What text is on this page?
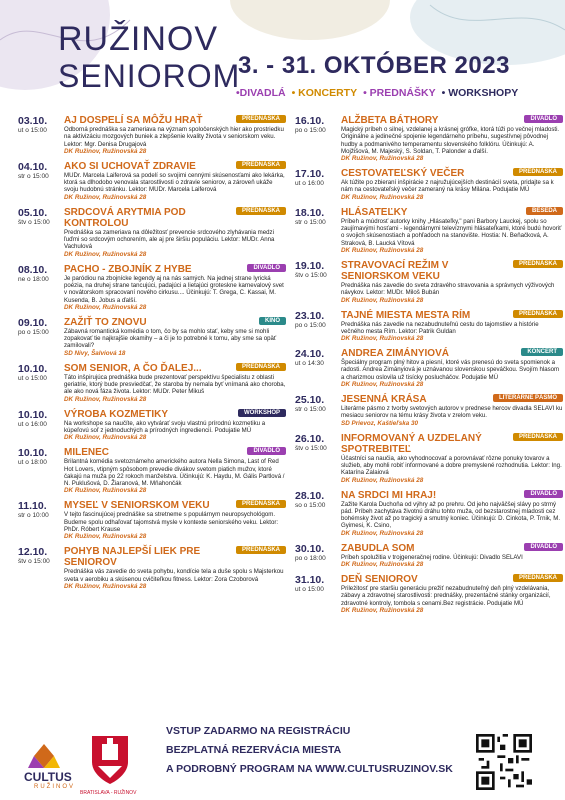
RUŽINOV
SENIOROM
3. - 31. OKTÓBER 2023
•DIVADLÁ • KONCERTY • PREDNÁŠKY • WORKSHOPY
03.10.
ut o 15:00
AJ DOSPELÍ SA MÔŽU HRAŤ	PREDNÁŠKA
Odborná prednáška sa zameriava na význam spoločenských hier ako prostriedku na aktivizáciu mozgových buniek a zlepšenie kvality života v seniorskom veku. Lektor: Mgr. Denisa Drugajová
DK Ružinov, Ružinovská 28
04.10.
str o 15:00
AKO SI UCHOVAŤ ZDRAVIE	PREDNÁŠKA
MUDr. Marcela Laiferová sa podelí so svojimi cennými skúsenosťami ako lekárka, ktorá sa dlhodobo venovala starostlivosti o zdravie seniorov, a zároveň ukáže svoju hudobnú stránku. Lektor: MUDr. Marcela Laiferová
DK Ružinov, Ružinovská 28
05.10.
štv o 15:00
SRDCOVÁ ARYTMIA POD KONTROLOU
PREDNÁŠKA
Prednáška sa zameriava na dôležitosť prevencie srdcového zlyhávania medzi ľuďmi so srdcovým ochorením, ale aj pre širšiu populáciu. Lektor: MUDr. Anna Vachulová
DK Ružinov, Ružinovská 28
08.10.
ne o 18:00
PACHO - ZBOJNÍK Z HYBE	DIVADLO
Je paródiou na zbojnícke legendy aj na nás samých. Na jednej strane lyrická poézia, na druhej strane tancujúci, padajúci a lietajúci groteskne karnevalový svet v novátorskom spracovaní nového cirkusu.... Účinkujú: T. Grega, C. Kassai, M. Kusenda, B. Jobus a ďalší.
DK Ružinov, Ružinovská 28
09.10.
po o 15:00
ZAŽIŤ TO ZNOVU	KINO
Zábavná romantická komédia o tom, čo by sa mohlo stať, keby sme si mohli zopakovať tie najkrajšie okamihy – a či je to potrebné k tomu, aby sme sa opäť zamilovali?
SD Nivy, Šalviová 18
10.10.
ut o 15:00
SOM SENIOR, A ČO ĎALEJ...	PREDNÁŠKA
Táto inšpirujúca prednáška bude prezentovať perspektívu špecialistu z oblasti geriatrie, ktorý bude presviedčať, že staroba by nemala byť vnímaná ako choroba, ale ako nová fáza života. Lektor: MUDr. Peter Mikuš
DK Ružinov, Ružinovská 28
10.10.
ut o 16:00
VÝROBA KOZMETIKY	WORKSHOP
Na workshope sa naučíte, ako vytvárať svoju vlastnú prírodnú kozmetiku a kúpeľovú soľ z jednoduchých a prírodných ingrediencií. Podujatie MÚ
DK Ružinov, Ružinovská 28
10.10.
ut o 18:00
MILENEC	DIVADLO
Brilantná komédia svetoznámeho amerického autora Nella Simona, Last of Red Hot Lovers, vtipným spôsobom prevedie divákov svetom piatich mužov, ktoré čakajú na muža po 22 rokoch manželstva. Účinkujú: K. Haydu, M. Gális Partlová / N. Puklušová, D. Žiaranová, M. Mňahončák
DK Ružinov, Ružinovská 28
11.10.
str o 10:00
MYSEĽ V SENIORSKOM VEKU	PREDNÁŠKA
V tejto fascinujúcej prednáške sa stretneme s populárnym neuropsychológom. Budeme spolu odhaľovať tajomstvá mysle v kontexte seniorského veku. Lektor: PhDr. Róbert Krause
DK Ružinov, Ružinovská 28
12.10.
štv o 15:00
POHYB NAJLEPŠÍ LIEK PRE SENIOROV
PREDNÁŠKA
Prednáška vás zavedie do sveta pohybu, kondície tela a duše spolu s Majsterkou sveta v aerobiku a skúsenou cvičiteľkou fitness. Lektor: Zora Czoborová
DK Ružinov, Ružinovská 28
16.10.
po o 15:00
ALŽBETA BÁTHORY	DIVADLO
Magický príbeh o silnej, vzdelanej a krásnej grófke, ktorá túži po večnej mladosti. Originálne a jedinečné spojenie legendárneho príbehu, sugestívnej pôvodnej hudby a podmanivého temperamentu slovenského folklóru. Účinkujú: A. Mojžišová, M. Majeský, S. Soldan, T. Palonder a ďalší.
DK Ružinov, Ružinovská 28
17.10.
ut o 16:00
CESTOVATEĽSKÝ VEČER	PREDNÁŠKA
Ak túžite po zbieraní inšpirácie z najružujúcejších destinácií sveta, pridajte sa k nám na cestovateľský večer zameraný na krásy Milána. Podujatie MÚ
DK Ružinov, Ružinovská 28
18.10.
str o 15:00
HLÁSATEĽKY	BESEDA
Príbeh a múdrosť autorky knihy „Hlásateľky," pani Barbory Lauckej, spolu so zaujímavými hosťami - legendárnymi televíznymi hlásateľkami, ktoré budú hovoriť o svojich skúsenostiach a pohľadoch na stanovište. Hostia: N. Beňačková, A. Straková, B. Laucká Vítová
DK Ružinov, Ružinovská 28
19.10.
štv o 15:00
STRAVOVACÍ REŽIM V SENIORSKOM VEKU
PREDNÁŠKA
Prednáška nás zavedie do sveta zdravého stravovania a správnych výživových návykov. Lektor: MUDr. Miloš Bubán
DK Ružinov, Ružinovská 28
23.10.
po o 15:00
TAJNÉ MIESTA MESTA RÍM	PREDNÁŠKA
Prednáška nás zavedie na nezabudnuteľnú cestu do tajomstiev a histórie večného mesta Rím. Lektor: Patrik Guldan
DK Ružinov, Ružinovská 28
24.10.
ut o 14:30
ANDREA ZIMÁNYIOVÁ	KONCERT
Špeciálny program plný hitov a piesní, ktoré vás prenesú do sveta spomienok a radosti. Andrea Zimányiová je uznávanou slovenskou speváčkou. Svojím hlasom a charizmou oslovila už tisícky poslucháčov. Podujatie MÚ
DK Ružinov, Ružinovská 28
25.10.
str o 15:00
JESENNÁ KRÁSA	LITERÁRNE PÁSMO
Literárne pásmo z tvorby svetových autorov v prednese hercov divadla SELAVI ku mesiacu seniorov na tému krásy života v zrelom veku.
SD Prievoz, Kaštieľska 30
26.10.
štv o 15:00
INFORMOVANÝ A UZDELANÝ SPOTREBITEĽ
PREDNÁŠKA
Účastníci sa naučia, ako vyhodnocovať a porovnávať rôzne ponuky tovarov a služieb, aby mohli robiť informované a dobre premyslené rozhodnutia. Lektor: Ing. Katarína Zalaiová
DK Ružinov, Ružinovská 28
28.10.
so o 15:00
NA SRDCI MI HRAJ!	DIVADLO
Zažite Karola Duchoňa od výhry až po prehru. Od jeho najväčšej slávy po strmý pád. Príbeh zachytáva životnú dráhu tohto muža, od bezstarostnej mladosti cez bohémsky život až po tragický a smutný koniec. Účinkujú: D. Cinkota, P. Trnik, M. Gyimesi, K. Csino,
DK Ružinov, Ružinovská 28
30.10.
po o 18:00
ZABUDLA SOM	DIVADLO
Príbeh spolužitia v trojgeneračnej rodine. Účinkujú: Divadlo SELAVI
DK Ružinov, Ružinovská 28
31.10.
ut o 15:00
DEŇ SENIOROV	PREDNÁŠKA
Prileżitosť pre staršiu generáciu prežiť nezabudnuteľný deň plný vzdelávania, zábavy a zdravotnej starostlivosti: prednášky, prezentačné stánky organizácií, zdravotné kontroly, tombola s cenami.Bez registrácie. Podujatie MÚ
DK Ružinov, Ružinovská 28
VSTUP ZADARMO NA REGISTRÁCIU
BEZPLATNÁ REZERVÁCIA MIESTA
A PODROBNÝ PROGRAM NA WWW.CULTUSRUZINOV.SK
CULTUS
RUŽINOV
BRATISLAVA - RUŽINOV
